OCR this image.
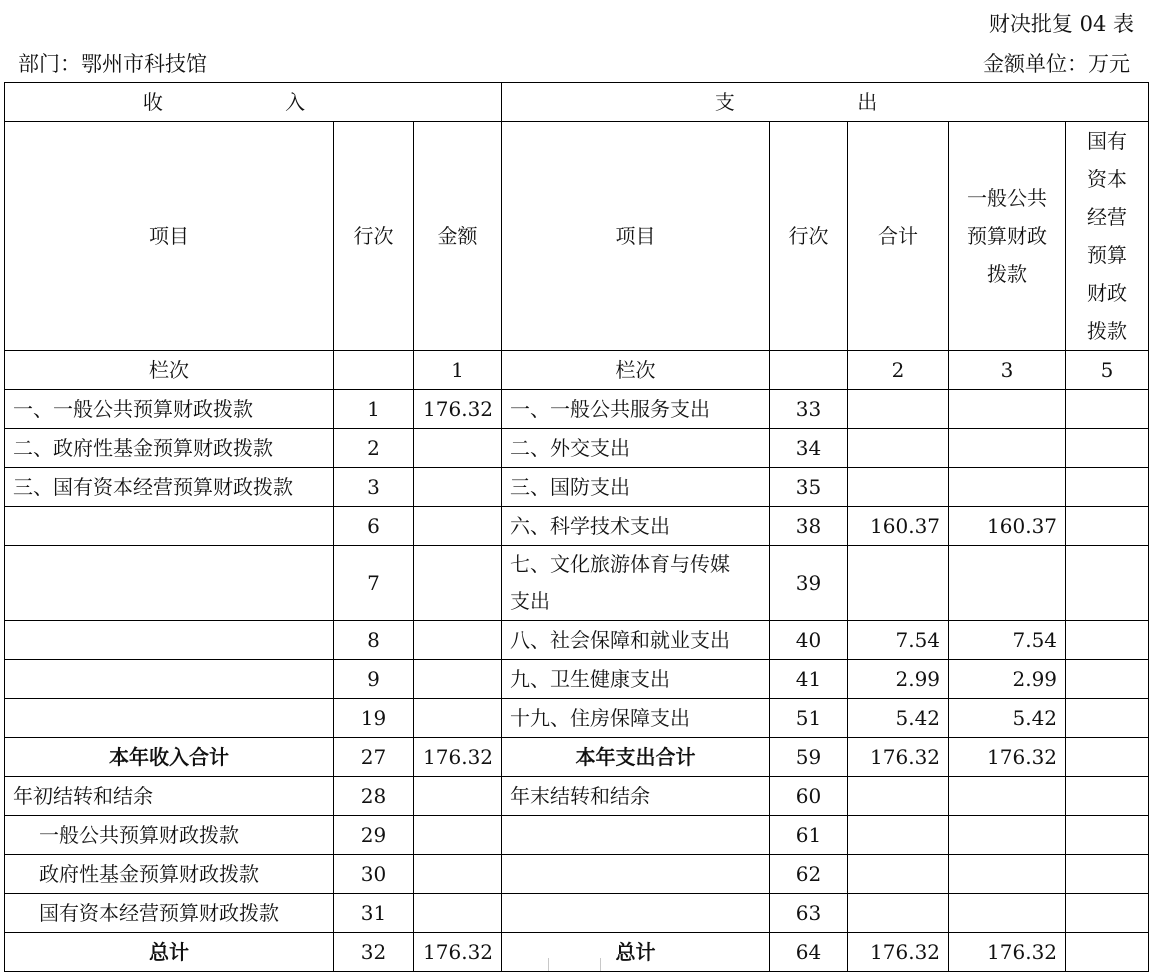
财决批复 04 表
部门：鄂州市科技馆	金额单位：万元
收 入			支 出				
项目	行次	金额	项目	行次	合计	一般公共预算财政拨款	国有资本经营预算财政拨款
栏次		1	栏次		2	3	5
一、一般公共预算财政拨款	1	176.32	一、一般公共服务支出	33			
二、政府性基金预算财政拨款	2		二、外交支出	34			
三、国有资本经营预算财政拨款	3		三、国防支出	35			
	6		六、科学技术支出	38	160.37	160.37	
	7		七、文化旅游体育与传媒支出	39			
	8		八、社会保障和就业支出	40	7.54	7.54	
	9		九、卫生健康支出	41	2.99	2.99	
	19		十九、住房保障支出	51	5.42	5.42	
本年收入合计	27	176.32	本年支出合计	59	176.32	176.32	
年初结转和结余	28		年末结转和结余	60			
一般公共预算财政拨款	29			61			
政府性基金预算财政拨款	30			62			
国有资本经营预算财政拨款	31			63			
总计	32	176.32	总计	64	176.32	176.32	
